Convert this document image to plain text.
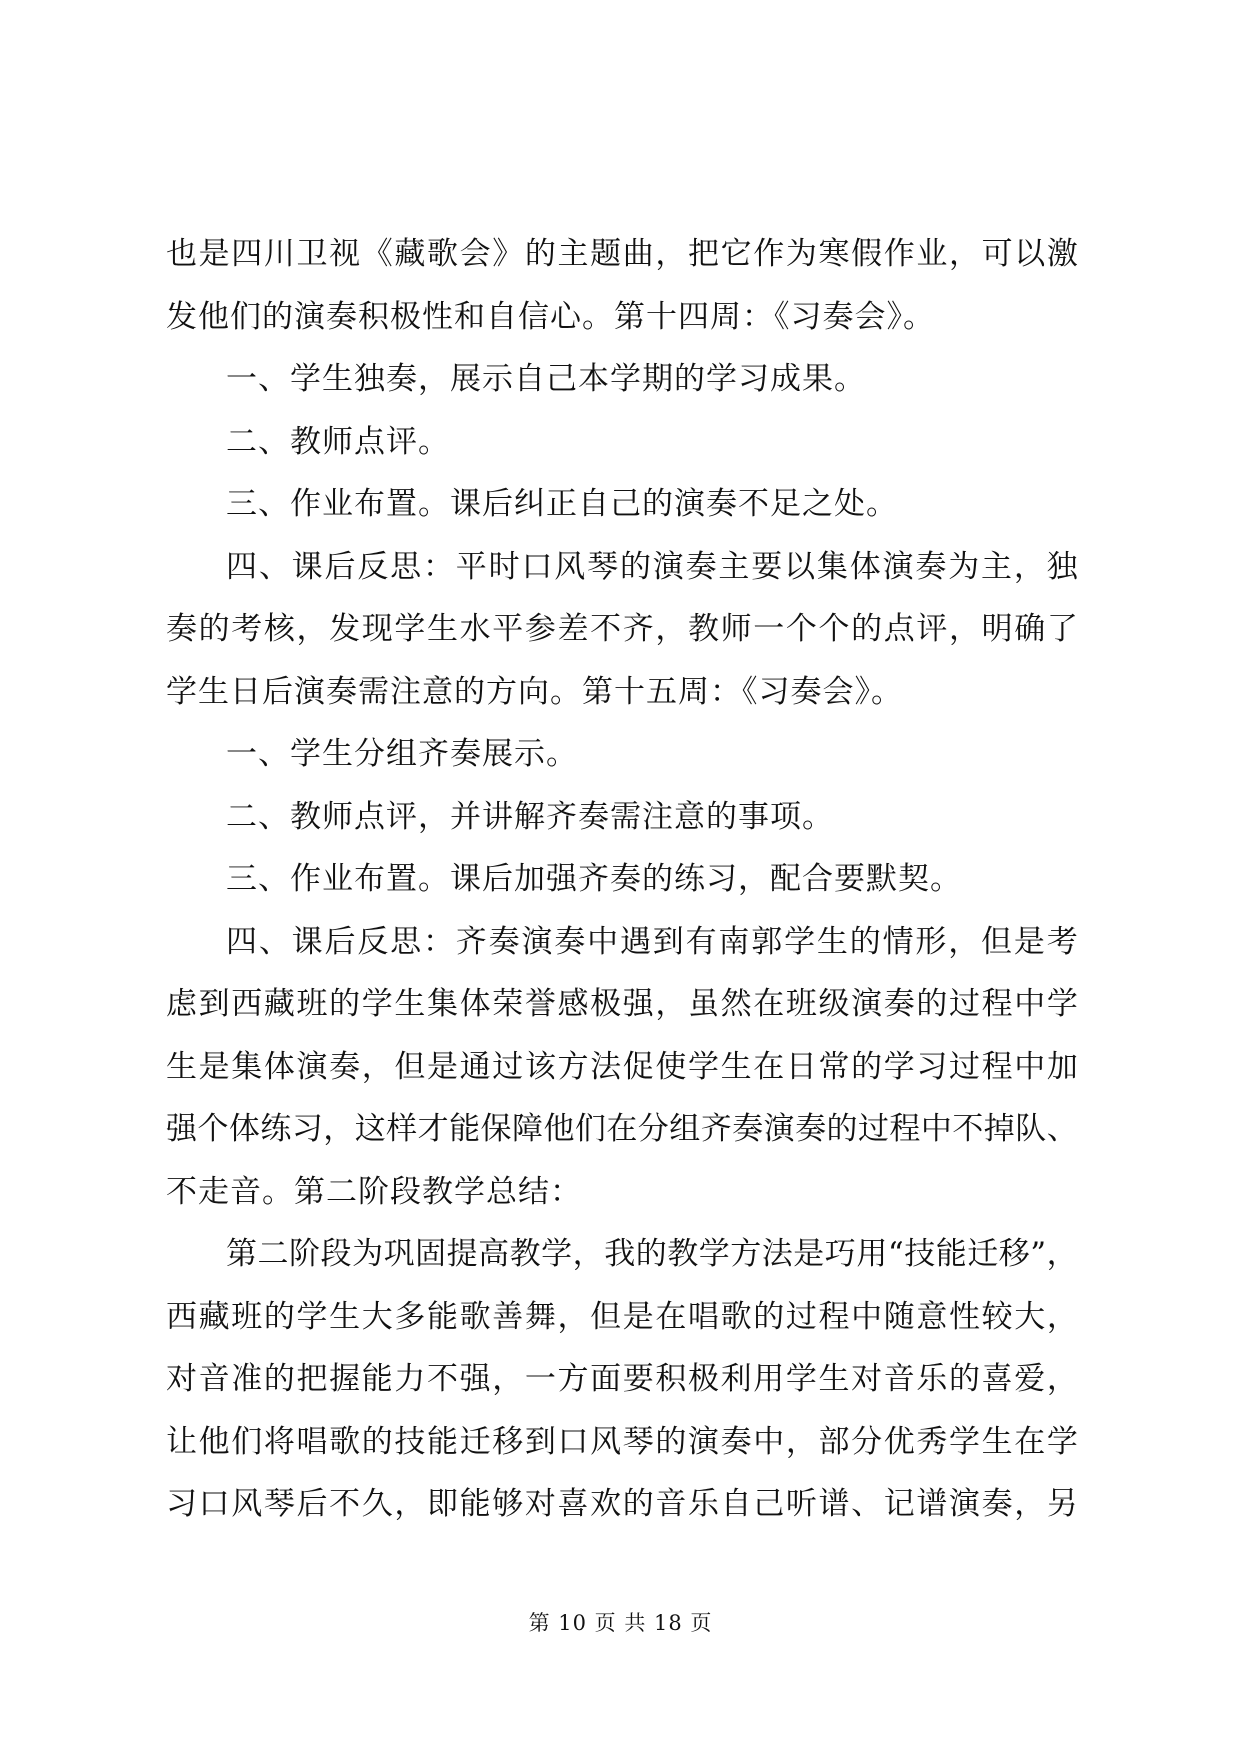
也 是 四 川 卫 视 《 藏 歌 会 》 的 主 题 曲 ， 把 它 作 为 寒 假 作 业 ， 可 以 激
发他们的演奏积极性和自信心。第十四周：《习奏会》。
一、学生独奏，展示自己本学期的学习成果。
二、教师点评。
三、作业布置。课后纠正自己的演奏不足之处。
四 、 课 后 反 思 ： 平 时 口 风 琴 的 演 奏 主 要 以 集 体 演 奏 为 主 ， 独
奏 的 考 核 ， 发 现 学 生 水 平 参 差 不 齐 ， 教 师 一 个 个 的 点 评 ， 明 确 了
学生日后演奏需注意的方向。第十五周：《习奏会》。
一、学生分组齐奏展示。
二、教师点评，并讲解齐奏需注意的事项。
三、作业布置。课后加强齐奏的练习，配合要默契。
四 、 课 后 反 思 ： 齐 奏 演 奏 中 遇 到 有 南 郭 学 生 的 情 形 ， 但 是 考
虑 到 西 藏 班 的 学 生 集 体 荣 誉 感 极 强 ， 虽 然 在 班 级 演 奏 的 过 程 中 学
生 是 集 体 演 奏 ， 但 是 通 过 该 方 法 促 使 学 生 在 日 常 的 学 习 过 程 中 加
强 个 体 练 习 ， 这 样 才 能 保 障 他 们 在 分 组 齐 奏 演 奏 的 过 程 中 不 掉 队 、
不走音。第二阶段教学总结：
第 二 阶 段 为 巩 固 提 高 教 学 ， 我 的 教 学 方 法 是 巧 用 “ 技 能 迁 移 ” ，
西 藏 班 的 学 生 大 多 能 歌 善 舞 ， 但 是 在 唱 歌 的 过 程 中 随 意 性 较 大 ，
对 音 准 的 把 握 能 力 不 强 ， 一 方 面 要 积 极 利 用 学 生 对 音 乐 的 喜 爱 ，
让 他 们 将 唱 歌 的 技 能 迁 移 到 口 风 琴 的 演 奏 中 ， 部 分 优 秀 学 生 在 学
习 口 风 琴 后 不 久 ， 即 能 够 对 喜 欢 的 音 乐 自 己 听 谱 、 记 谱 演 奏 ， 另
第 10 页 共 18 页
